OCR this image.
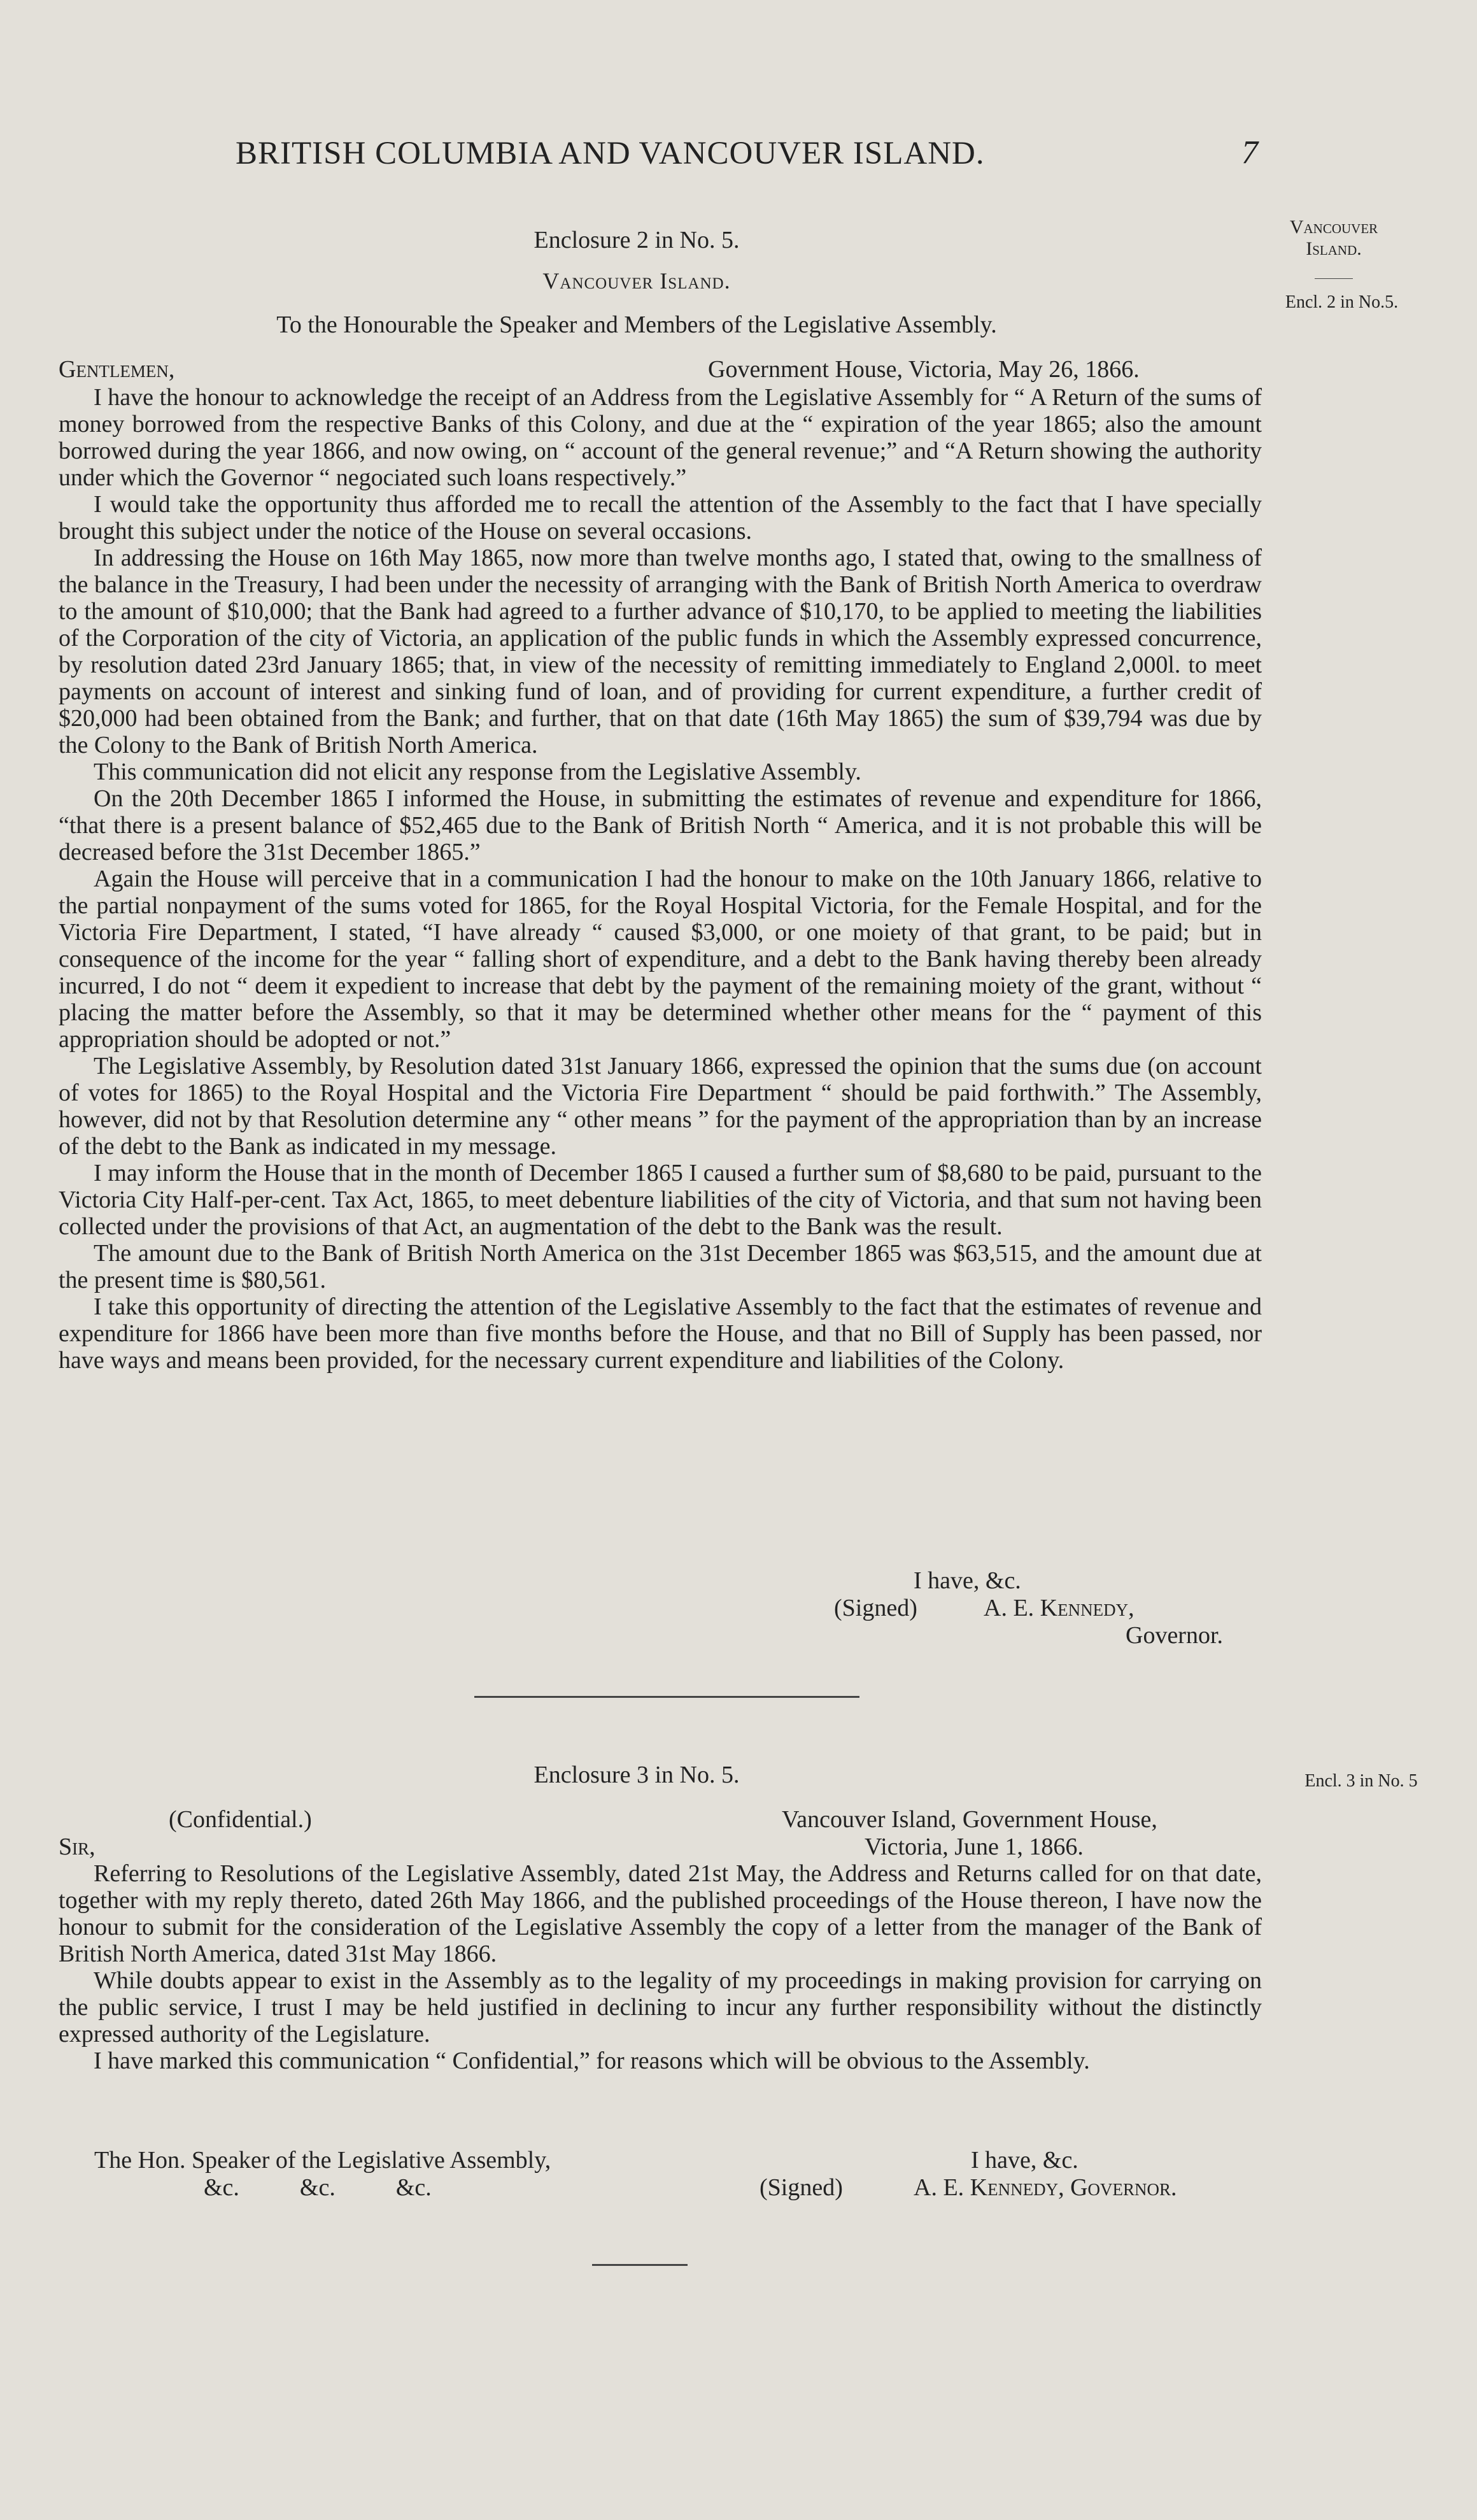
BRITISH COLUMBIA AND VANCOUVER ISLAND.	7
Enclosure 2 in No. 5.
Vancouver Island.
To the Honourable the Speaker and Members of the Legislative Assembly.
Vancouver Island.
Encl. 2 in No.5.
Gentlemen,	Government House, Victoria, May 26, 1866.

I have the honour to acknowledge the receipt of an Address from the Legislative Assembly for “ A Return of the sums of money borrowed from the respective Banks of this Colony, and due at the “ expiration of the year 1865; also the amount borrowed during the year 1866, and now owing, on “ account of the general revenue;” and “A Return showing the authority under which the Governor “ negociated such loans respectively.”

I would take the opportunity thus afforded me to recall the attention of the Assembly to the fact that I have specially brought this subject under the notice of the House on several occasions.

In addressing the House on 16th May 1865, now more than twelve months ago, I stated that, owing to the smallness of the balance in the Treasury, I had been under the necessity of arranging with the Bank of British North America to overdraw to the amount of $10,000; that the Bank had agreed to a further advance of $10,170, to be applied to meeting the liabilities of the Corporation of the city of Victoria, an application of the public funds in which the Assembly expressed concurrence, by resolution dated 23rd January 1865; that, in view of the necessity of remitting immediately to England 2,000l. to meet payments on account of interest and sinking fund of loan, and of providing for current expenditure, a further credit of $20,000 had been obtained from the Bank; and further, that on that date (16th May 1865) the sum of $39,794 was due by the Colony to the Bank of British North America.

This communication did not elicit any response from the Legislative Assembly.

On the 20th December 1865 I informed the House, in submitting the estimates of revenue and expenditure for 1866, “that there is a present balance of $52,465 due to the Bank of British North “ America, and it is not probable this will be decreased before the 31st December 1865.”

Again the House will perceive that in a communication I had the honour to make on the 10th January 1866, relative to the partial nonpayment of the sums voted for 1865, for the Royal Hospital Victoria, for the Female Hospital, and for the Victoria Fire Department, I stated, “I have already “ caused $3,000, or one moiety of that grant, to be paid; but in consequence of the income for the year “ falling short of expenditure, and a debt to the Bank having thereby been already incurred, I do not “ deem it expedient to increase that debt by the payment of the remaining moiety of the grant, without “ placing the matter before the Assembly, so that it may be determined whether other means for the “ payment of this appropriation should be adopted or not.”

The Legislative Assembly, by Resolution dated 31st January 1866, expressed the opinion that the sums due (on account of votes for 1865) to the Royal Hospital and the Victoria Fire Department “ should be paid forthwith.” The Assembly, however, did not by that Resolution determine any “ other means ” for the payment of the appropriation than by an increase of the debt to the Bank as indicated in my message.

I may inform the House that in the month of December 1865 I caused a further sum of $8,680 to be paid, pursuant to the Victoria City Half-per-cent. Tax Act, 1865, to meet debenture liabilities of the city of Victoria, and that sum not having been collected under the provisions of that Act, an augmentation of the debt to the Bank was the result.

The amount due to the Bank of British North America on the 31st December 1865 was $63,515, and the amount due at the present time is $80,561.

I take this opportunity of directing the attention of the Legislative Assembly to the fact that the estimates of revenue and expenditure for 1866 have been more than five months before the House, and that no Bill of Supply has been passed, nor have ways and means been provided, for the necessary current expenditure and liabilities of the Colony.

I have, &c.
(Signed)	A. E. Kennedy,
Governor.
Enclosure 3 in No. 5.	Encl. 3 in No. 5
(Confidential.)	Vancouver Island, Government House,
Sir,	Victoria, June 1, 1866.

Referring to Resolutions of the Legislative Assembly, dated 21st May, the Address and Returns called for on that date, together with my reply thereto, dated 26th May 1866, and the published proceedings of the House thereon, I have now the honour to submit for the consideration of the Legislative Assembly the copy of a letter from the manager of the Bank of British North America, dated 31st May 1866.

While doubts appear to exist in the Assembly as to the legality of my proceedings in making provision for carrying on the public service, I trust I may be held justified in declining to incur any further responsibility without the distinctly expressed authority of the Legislature.

I have marked this communication “ Confidential,” for reasons which will be obvious to the Assembly.

The Hon. Speaker of the Legislative Assembly,	I have, &c.
&c.          &c.          &c.	(Signed)	A. E. Kennedy, Governor.
